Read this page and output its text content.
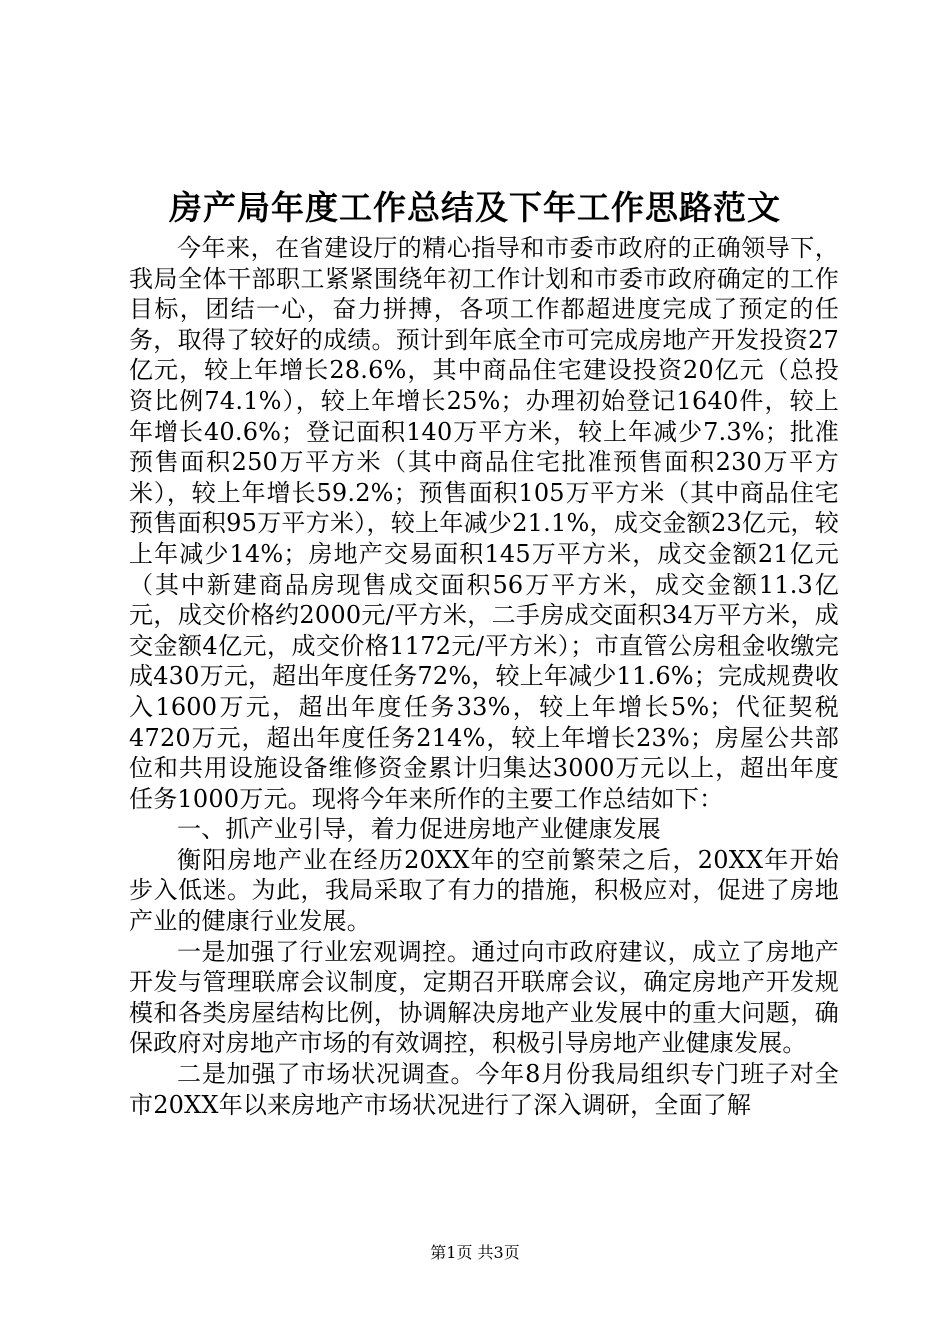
房产局年度工作总结及下年工作思路范文

今年来，在省建设厅的精心指导和市委市政府的正确领导下，我局全体干部职工紧紧围绕年初工作计划和市委市政府确定的工作目标，团结一心，奋力拼搏，各项工作都超进度完成了预定的任务，取得了较好的成绩。预计到年底全市可完成房地产开发投资27亿元，较上年增长28.6%，其中商品住宅建设投资20亿元（总投资比例74.1%），较上年增长25%；办理初始登记1640件，较上年增长40.6%；登记面积140万平方米，较上年减少7.3%；批准预售面积250万平方米（其中商品住宅批准预售面积230万平方米），较上年增长59.2%；预售面积105万平方米（其中商品住宅预售面积95万平方米），较上年减少21.1%，成交金额23亿元，较上年减少14%；房地产交易面积145万平方米，成交金额21亿元（其中新建商品房现售成交面积56万平方米，成交金额11.3亿元，成交价格约2000元/平方米，二手房成交面积34万平方米，成交金额4亿元，成交价格1172元/平方米）；市直管公房租金收缴完成430万元，超出年度任务72%，较上年减少11.6%；完成规费收入1600万元，超出年度任务33%，较上年增长5%；代征契税4720万元，超出年度任务214%，较上年增长23%；房屋公共部位和共用设施设备维修资金累计归集达3000万元以上，超出年度任务1000万元。现将今年来所作的主要工作总结如下：

一、抓产业引导，着力促进房地产业健康发展

衡阳房地产业在经历20XX年的空前繁荣之后，20XX年开始步入低迷。为此，我局采取了有力的措施，积极应对，促进了房地产业的健康行业发展。

一是加强了行业宏观调控。通过向市政府建议，成立了房地产开发与管理联席会议制度，定期召开联席会议，确定房地产开发规模和各类房屋结构比例，协调解决房地产业发展中的重大问题，确保政府对房地产市场的有效调控，积极引导房地产业健康发展。

二是加强了市场状况调查。今年8月份我局组织专门班子对全市20XX年以来房地产市场状况进行了深入调研，全面了解

第1页 共3页
